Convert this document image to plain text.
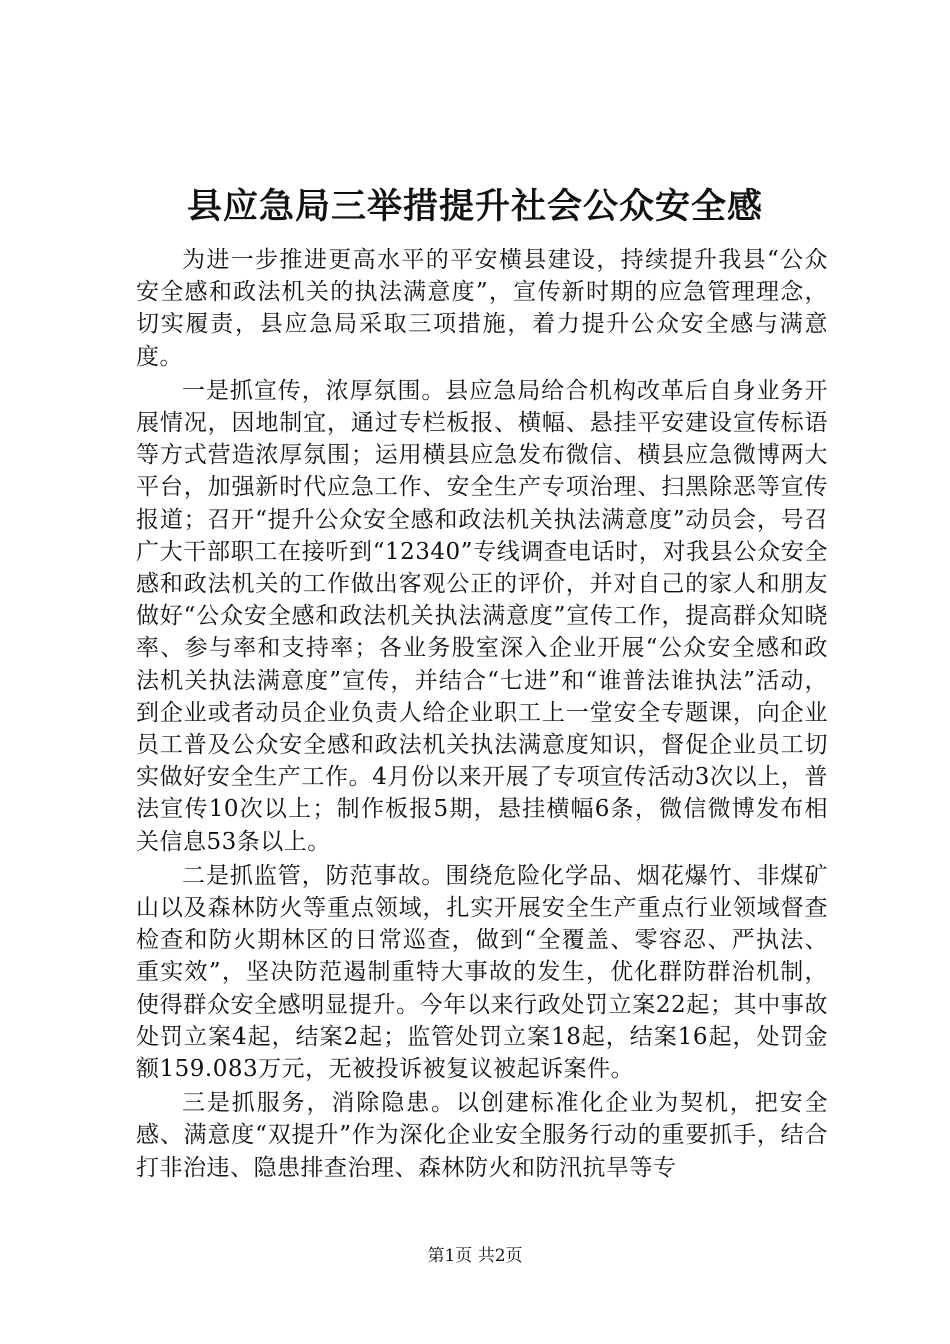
县应急局三举措提升社会公众安全感

为进一步推进更高水平的平安横县建设，持续提升我县“公众安全感和政法机关的执法满意度”，宣传新时期的应急管理理念，切实履责，县应急局采取三项措施，着力提升公众安全感与满意度。

一是抓宣传，浓厚氛围。县应急局给合机构改革后自身业务开展情况，因地制宜，通过专栏板报、横幅、悬挂平安建设宣传标语等方式营造浓厚氛围；运用横县应急发布微信、横县应急微博两大平台，加强新时代应急工作、安全生产专项治理、扫黑除恶等宣传报道；召开“提升公众安全感和政法机关执法满意度”动员会，号召广大干部职工在接听到“12340”专线调查电话时，对我县公众安全感和政法机关的工作做出客观公正的评价，并对自己的家人和朋友做好“公众安全感和政法机关执法满意度”宣传工作，提高群众知晓率、参与率和支持率；各业务股室深入企业开展“公众安全感和政法机关执法满意度”宣传，并结合“七进”和“谁普法谁执法”活动，到企业或者动员企业负责人给企业职工上一堂安全专题课，向企业员工普及公众安全感和政法机关执法满意度知识，督促企业员工切实做好安全生产工作。4月份以来开展了专项宣传活动3次以上，普法宣传10次以上；制作板报5期，悬挂横幅6条，微信微博发布相关信息53条以上。

二是抓监管，防范事故。围绕危险化学品、烟花爆竹、非煤矿山以及森林防火等重点领域，扎实开展安全生产重点行业领域督查检查和防火期林区的日常巡查，做到“全覆盖、零容忍、严执法、重实效”，坚决防范遏制重特大事故的发生，优化群防群治机制，使得群众安全感明显提升。今年以来行政处罚立案22起；其中事故处罚立案4起，结案2起；监管处罚立案18起，结案16起，处罚金额159.083万元，无被投诉被复议被起诉案件。

三是抓服务，消除隐患。以创建标准化企业为契机，把安全感、满意度“双提升”作为深化企业安全服务行动的重要抓手，结合打非治违、隐患排查治理、森林防火和防汛抗旱等专

第1页 共2页
